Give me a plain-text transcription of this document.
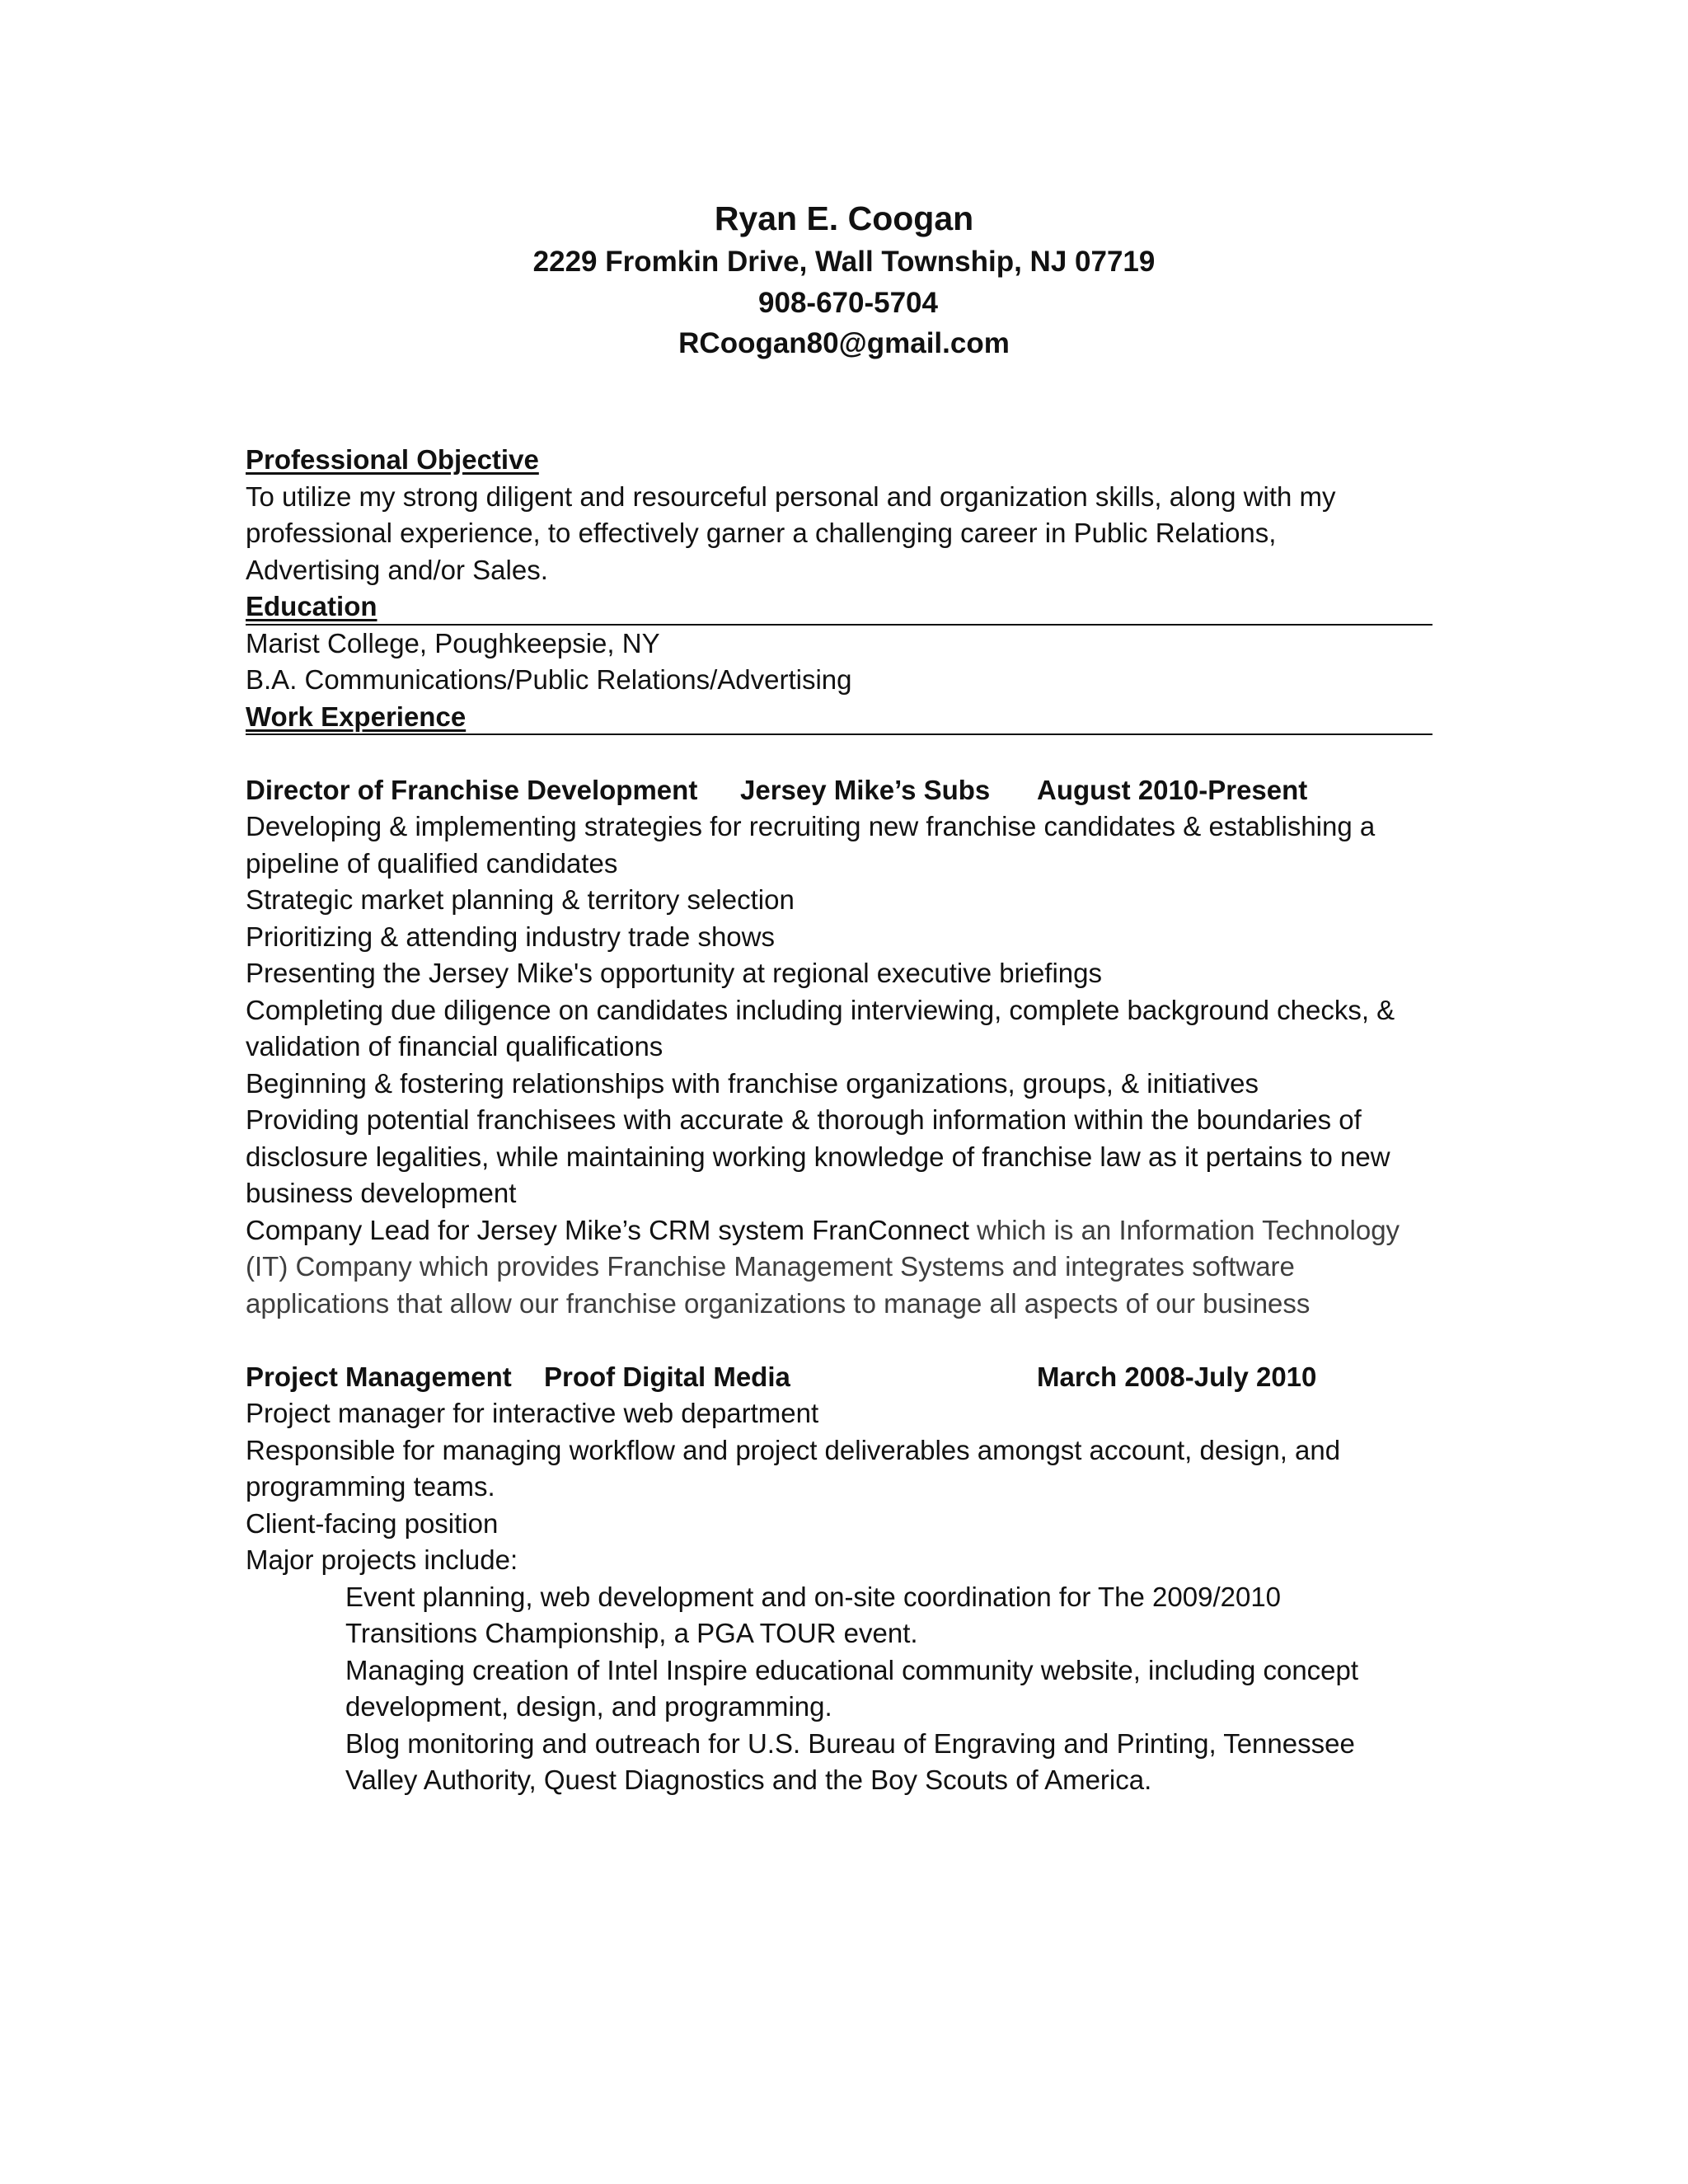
Ryan E. Coogan
2229 Fromkin Drive, Wall Township, NJ 07719
908-670-5704
RCoogan80@gmail.com
Professional Objective
To utilize my strong diligent and resourceful personal and organization skills, along with my
professional experience, to effectively garner a challenging career in Public Relations,
Advertising and/or Sales.
Education
Marist College, Poughkeepsie, NY
B.A. Communications/Public Relations/Advertising
Work Experience
Director of Franchise Development Jersey Mike’s Subs August 2010-Present
Developing & implementing strategies for recruiting new franchise candidates & establishing a
pipeline of qualified candidates
Strategic market planning & territory selection
Prioritizing & attending industry trade shows
Presenting the Jersey Mike's opportunity at regional executive briefings
Completing due diligence on candidates including interviewing, complete background checks, &
validation of financial qualifications
Beginning & fostering relationships with franchise organizations, groups, & initiatives
Providing potential franchisees with accurate & thorough information within the boundaries of
disclosure legalities, while maintaining working knowledge of franchise law as it pertains to new
business development
Company Lead for Jersey Mike’s CRM system FranConnect which is an Information Technology
(IT) Company which provides Franchise Management Systems and integrates software
applications that allow our franchise organizations to manage all aspects of our business
Project Management Proof Digital Media	March 2008-July 2010
Project manager for interactive web department
Responsible for managing workflow and project deliverables amongst account, design, and
programming teams.
Client-facing position
Major projects include:
Event planning, web development and on-site coordination for The 2009/2010
Transitions Championship, a PGA TOUR event.
Managing creation of Intel Inspire educational community website, including concept
development, design, and programming.
Blog monitoring and outreach for U.S. Bureau of Engraving and Printing, Tennessee
Valley Authority, Quest Diagnostics and the Boy Scouts of America.
